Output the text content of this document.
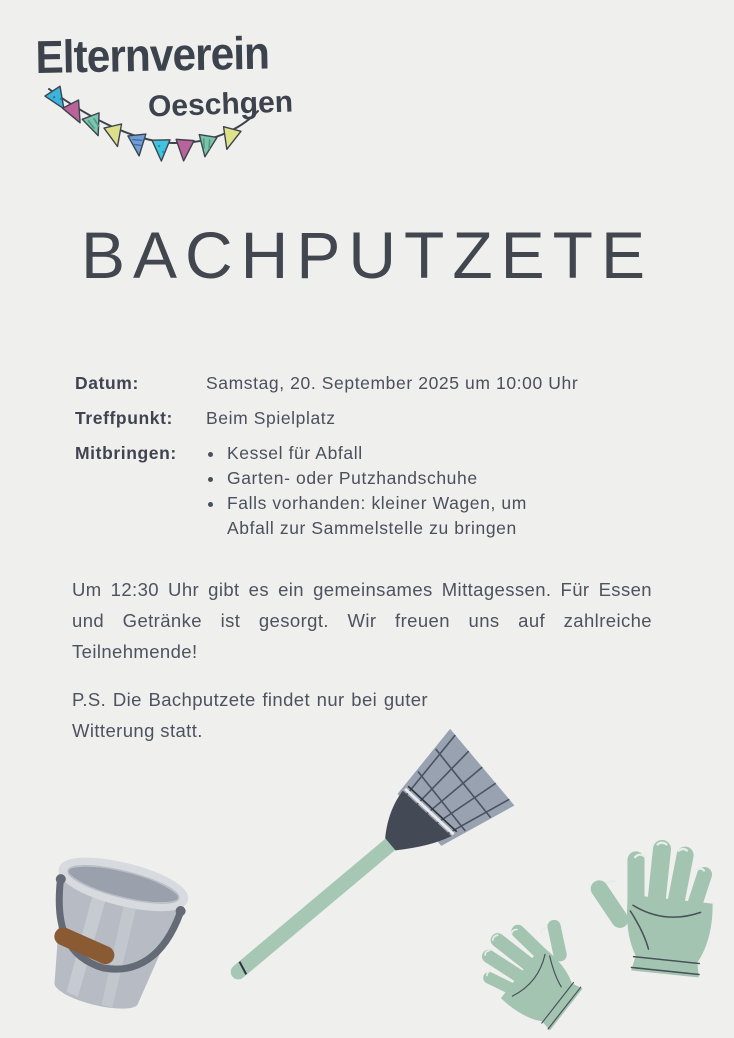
Elternverein
Oeschgen
BACHPUTZETE
Datum:	Samstag, 20. September 2025 um 10:00 Uhr
Treffpunkt:	Beim Spielplatz
Mitbringen:	• Kessel für Abfall
• Garten- oder Putzhandschuhe
• Falls vorhanden: kleiner Wagen, um Abfall zur Sammelstelle zu bringen

Um 12:30 Uhr gibt es ein gemeinsames Mittagessen. Für Essen und Getränke ist gesorgt. Wir freuen uns auf zahlreiche Teilnehmende!

P.S. Die Bachputzete findet nur bei guter Witterung statt.
